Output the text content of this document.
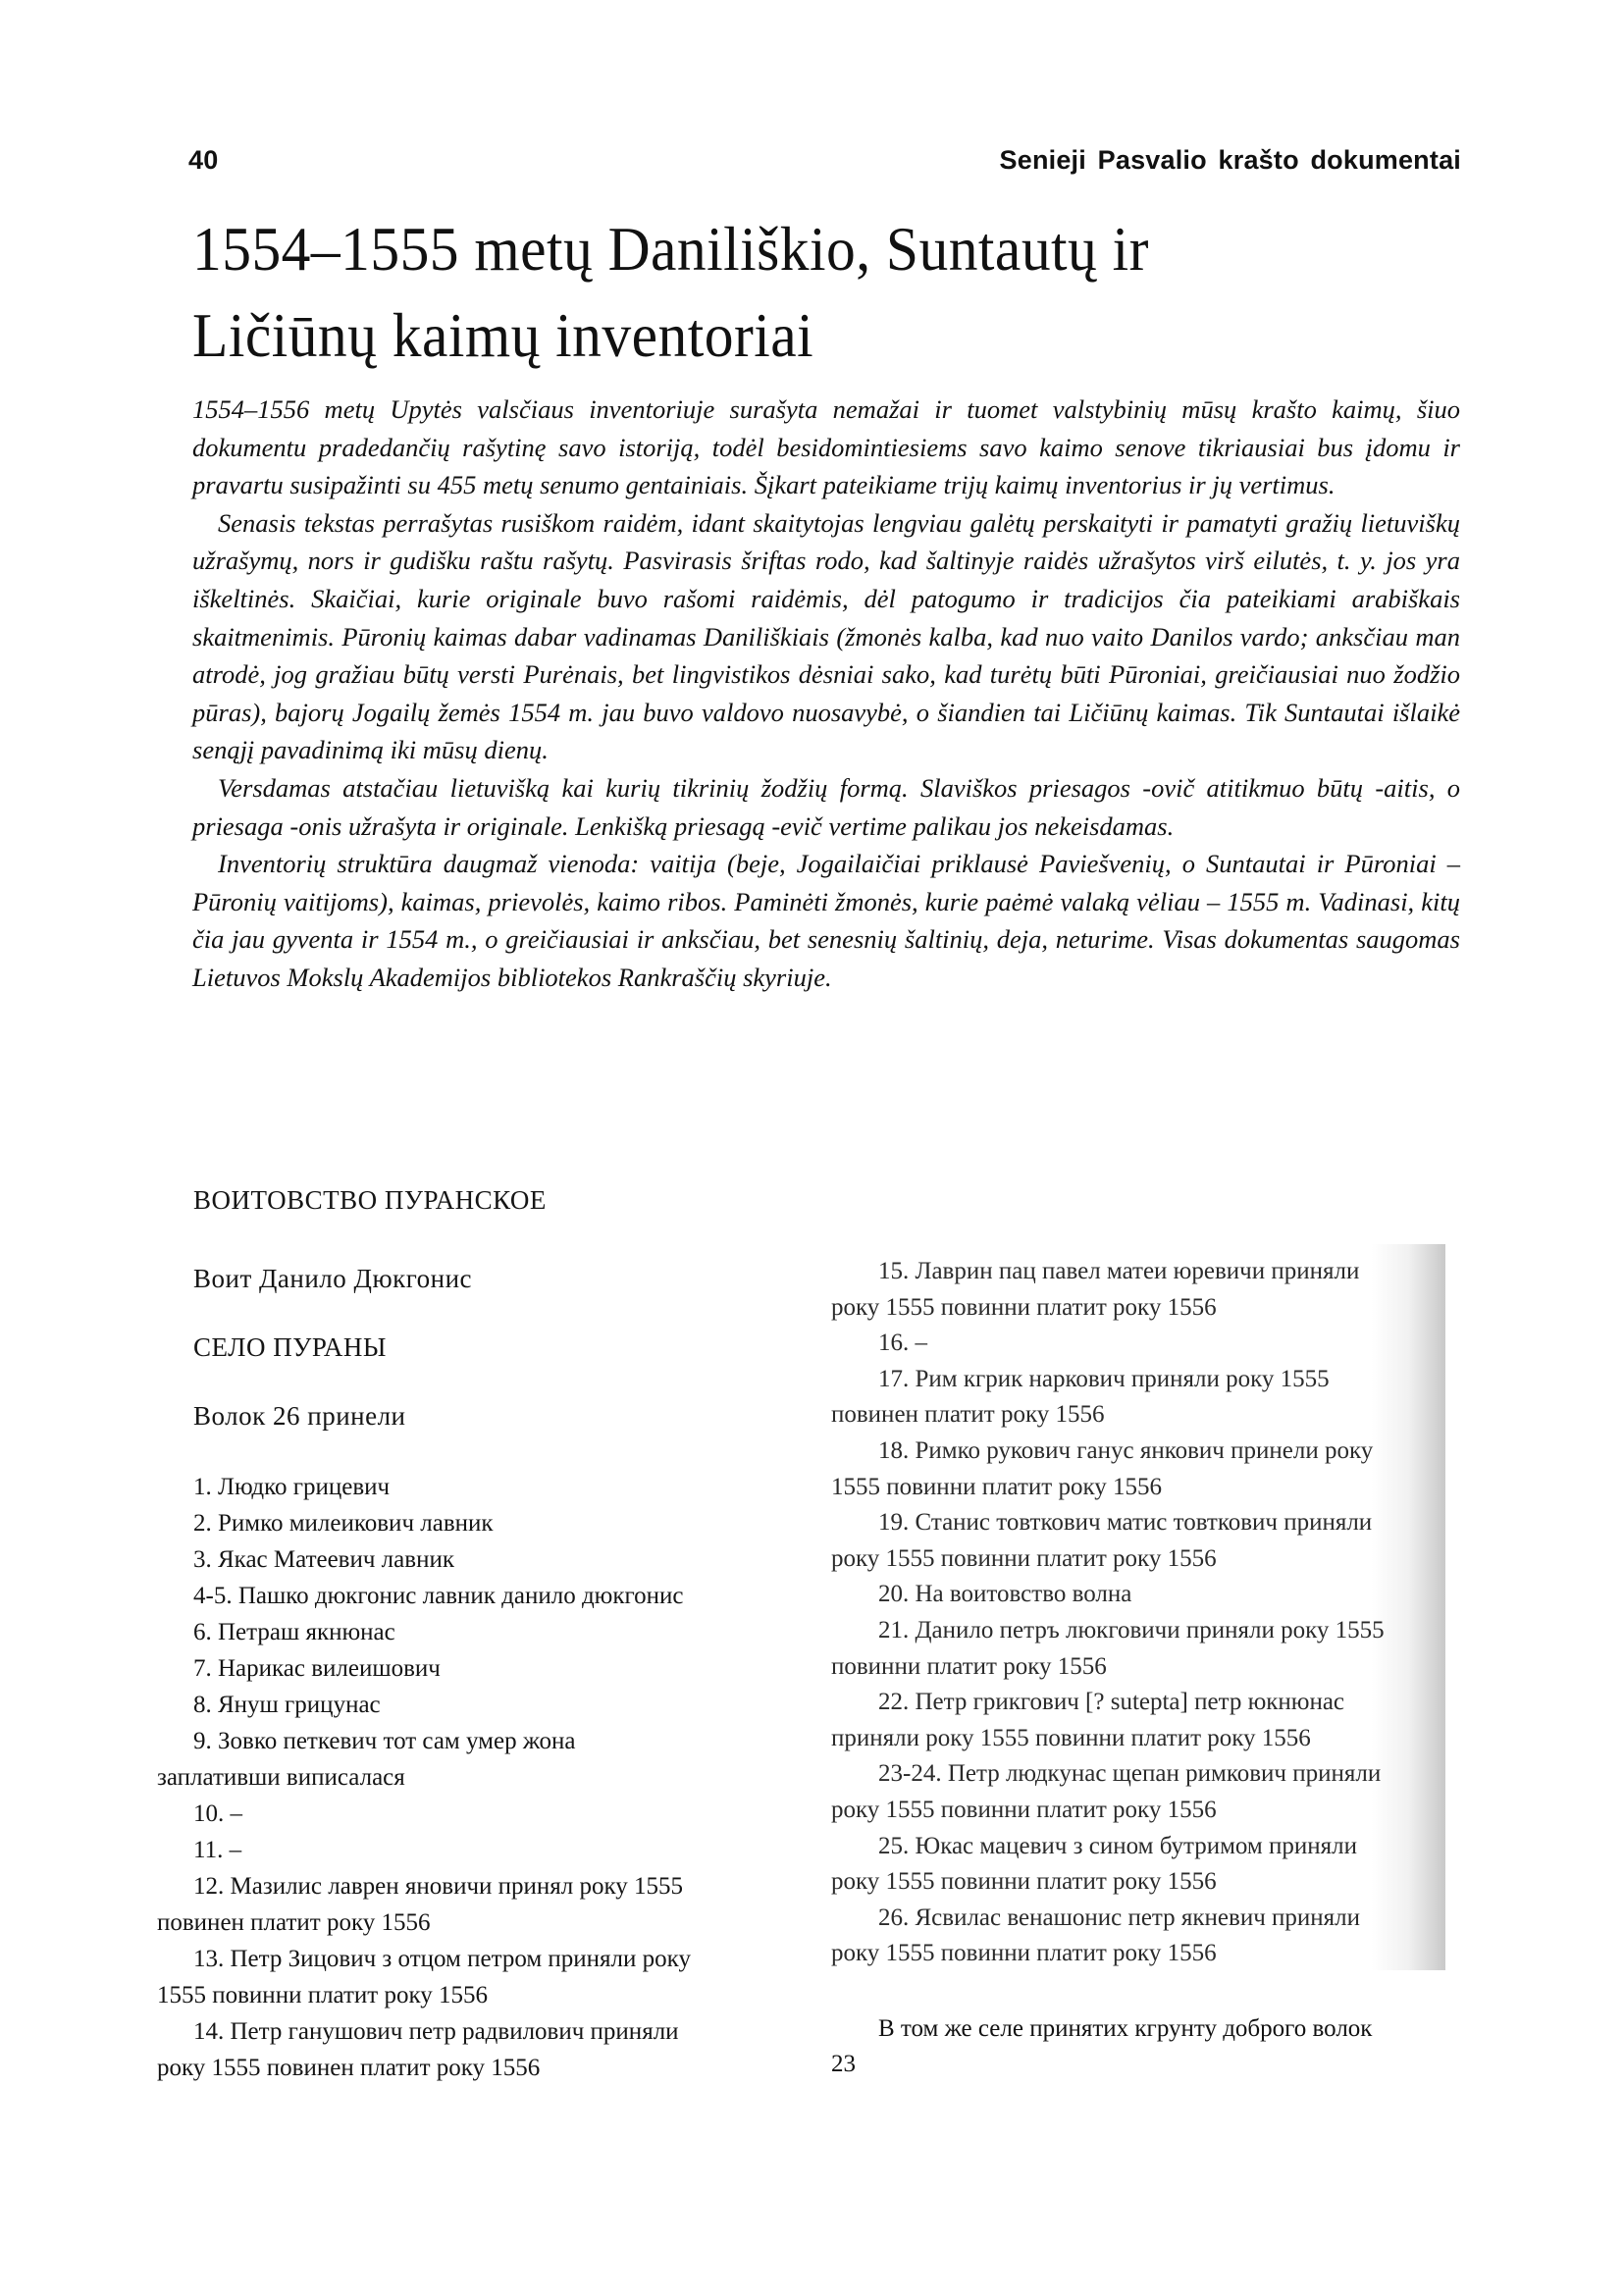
40	Senieji Pasvalio krašto dokumentai
1554–1555 metų Daniliškio, Suntautų ir
Ličiūnų kaimų inventoriai

1554–1556 metų Upytės valsčiaus inventoriuje surašyta nemažai ir tuomet valstybinių mūsų krašto kaimų, šiuo dokumentu pradedančių rašytinę savo istoriją, todėl besidomintiesiems savo kaimo senove tikriausiai bus įdomu ir pravartu susipažinti su 455 metų senumo gentainiais. Šįkart pateikiame trijų kaimų inventorius ir jų vertimus.

Senasis tekstas perrašytas rusiškom raidėm, idant skaitytojas lengviau galėtų perskaityti ir pamatyti gražių lietuviškų užrašymų, nors ir gudišku raštu rašytų. Pasvirasis šriftas rodo, kad šaltinyje raidės užrašytos virš eilutės, t. y. jos yra iškeltinės. Skaičiai, kurie originale buvo rašomi raidėmis, dėl patogumo ir tradicijos čia pateikiami arabiškais skaitmenimis. Pūronių kaimas dabar vadinamas Daniliškiais (žmonės kalba, kad nuo vaito Danilos vardo; anksčiau man atrodė, jog gražiau būtų versti Purėnais, bet lingvistikos dėsniai sako, kad turėtų būti Pūroniai, greičiausiai nuo žodžio pūras), bajorų Jogailų žemės 1554 m. jau buvo valdovo nuosavybė, o šiandien tai Ličiūnų kaimas. Tik Suntautai išlaikė senąjį pavadinimą iki mūsų dienų.

Versdamas atstačiau lietuvišką kai kurių tikrinių žodžių formą. Slaviškos priesagos -ovič atitikmuo būtų -aitis, o priesaga -onis užrašyta ir originale. Lenkišką priesagą -evič vertime palikau jos nekeisdamas.

Inventorių struktūra daugmaž vienoda: vaitija (beje, Jogailaičiai priklausė Paviešvenių, o Suntautai ir Pūroniai – Pūronių vaitijoms), kaimas, prievolės, kaimo ribos. Paminėti žmonės, kurie paėmė valaką vėliau – 1555 m. Vadinasi, kitų čia jau gyventa ir 1554 m., o greičiausiai ir anksčiau, bet senesnių šaltinių, deja, neturime. Visas dokumentas saugomas Lietuvos Mokslų Akademijos bibliotekos Rankraščių skyriuje.

ВОИТОВСТВО ПУРАНСКОЕ
Воит Данило Дюкгонис
СЕЛО ПУРАНЫ
Волок 26 принели
1. Людко грицевич
2. Римко милеикович лавник
3. Якас Матеевич лавник
4-5. Пашко дюкгонис лавник данило дюкгонис
6. Петраш якнюнас
7. Нарикас вилеишович
8. Януш грицунас
9. Зовко петкевич тот сам умер жона
заплативши виписалася
10. –
11. –
12. Мазилис лаврен яновичи принял року 1555
повинен платит року 1556
13. Петр Зицович з отцом петром приняли року
1555 повинни платит року 1556
14. Петр ганушович петр радвилович приняли
року 1555 повинен платит року 1556
15. Лаврин пац павел матеи юревичи приняли
року 1555 повинни платит року 1556
16. –
17. Рим кгрик наркович приняли року 1555
повинен платит року 1556
18. Римко рукович ганус янкович принели року
1555 повинни платит року 1556
19. Станис товткович матис товткович приняли
року 1555 повинни платит року 1556
20. На воитовство волна
21. Данило петръ люкговичи приняли року 1555
повинни платит року 1556
22. Петр грикгович [? sutepta] петр юкнюнас
приняли року 1555 повинни платит року 1556
23-24. Петр людкунас щепан римкович приняли
року 1555 повинни платит року 1556
25. Юкас мацевич з сином бутримом приняли
року 1555 повинни платит року 1556
26. Ясвилас венашонис петр якневич приняли
року 1555 повинни платит року 1556
В том же селе принятих кгрунту доброго волок
23
